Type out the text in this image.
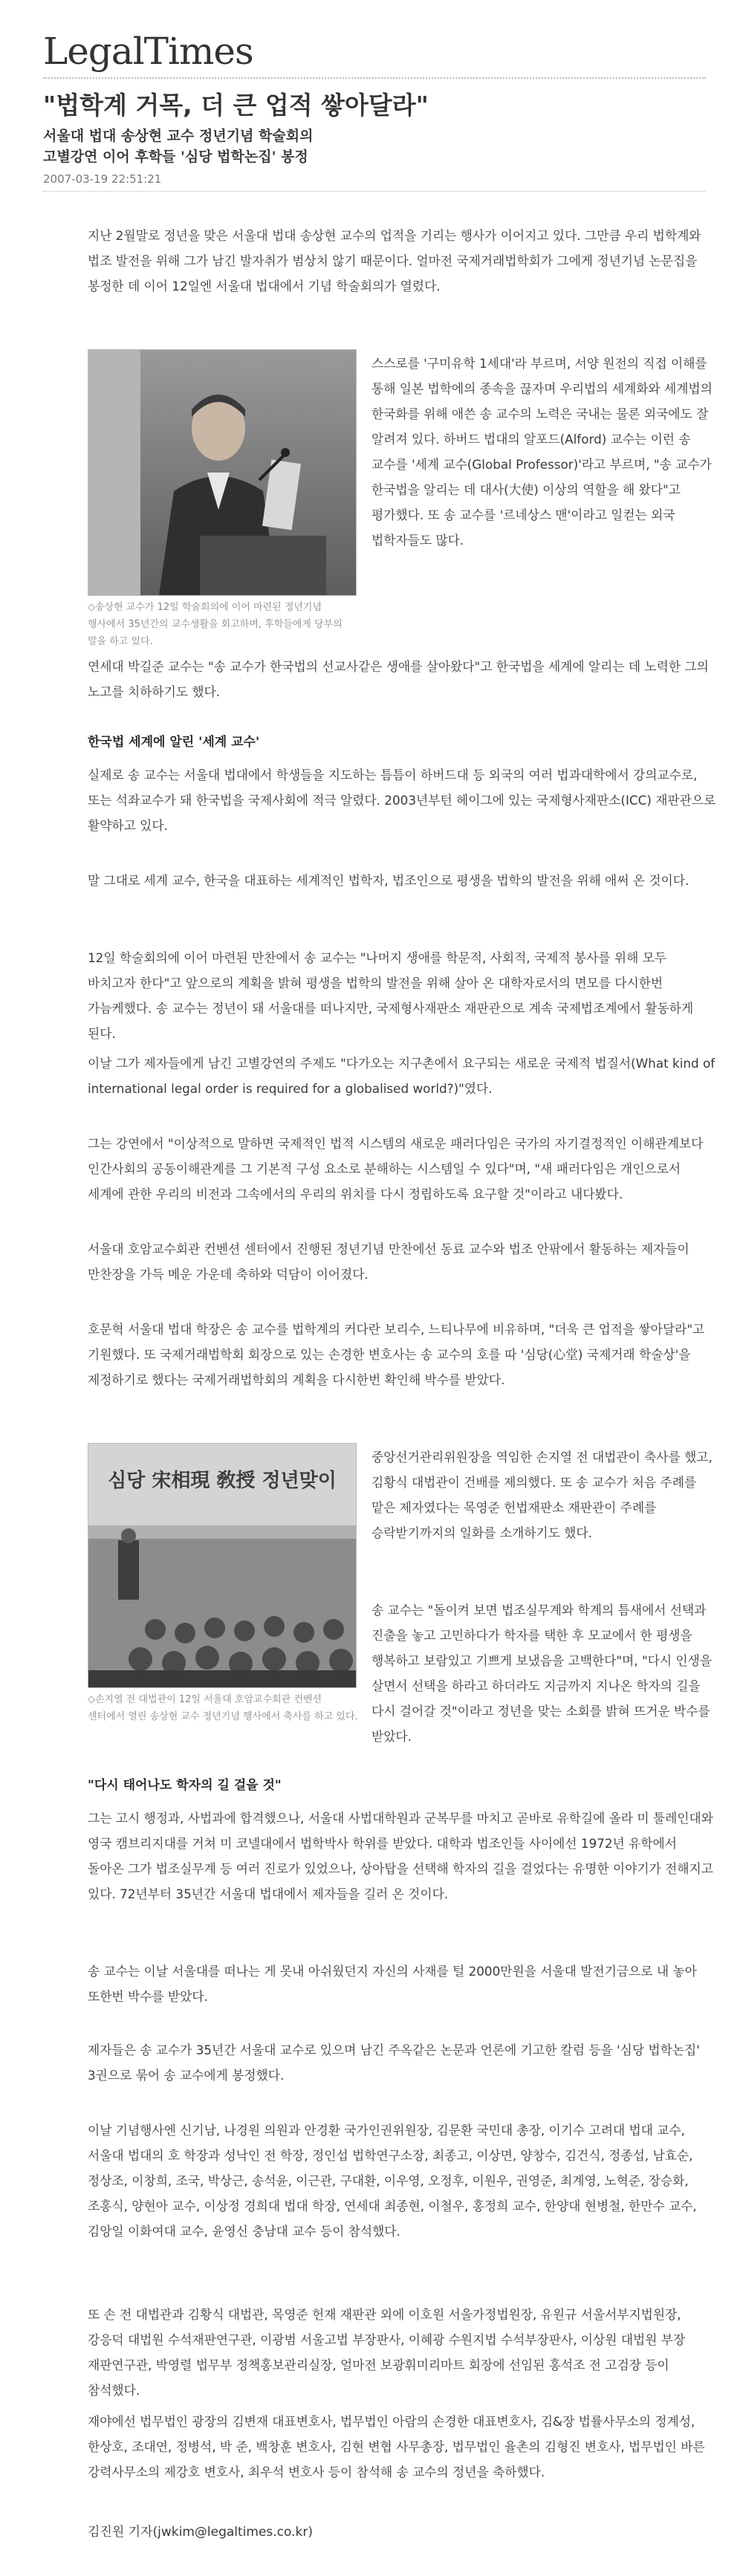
LegalTimes
"법학계 거목, 더 큰 업적 쌓아달라"
서울대 법대 송상현 교수 정년기념 학술회의
고별강연 이어 후학들 '심당 법학논집' 봉정
2007-03-19 22:51:21

지난 2월말로 정년을 맞은 서울대 법대 송상현 교수의 업적을 기리는 행사가 이어지고 있다. 그만큼 우리 법학계와 법조 발전을 위해 그가 남긴 발자취가 범상치 않기 때문이다. 얼마전 국제거래법학회가 그에게 정년기념 논문집을 봉정한 데 이어 12일엔 서울대 법대에서 기념 학술회의가 열렸다.

◇송상현 교수가 12일 학술회의에 이어 마련된 정년기념 행사에서 35년간의 교수생활을 회고하며, 후학들에게 당부의 말을 하고 있다.

스스로를 '구미유학 1세대'라 부르며, 서양 원전의 직접 이해를 통해 일본 법학에의 종속을 끊자며 우리법의 세계화와 세계법의 한국화를 위해 애쓴 송 교수의 노력은 국내는 물론 외국에도 잘 알려져 있다. 하버드 법대의 알포드(Alford) 교수는 이런 송 교수를 '세계 교수(Global Professor)'라고 부르며, "송 교수가 한국법을 알리는 데 대사(大使) 이상의 역할을 해 왔다"고 평가했다. 또 송 교수를 '르네상스 맨'이라고 일컫는 외국 법학자들도 많다.

연세대 박길준 교수는 "송 교수가 한국법의 선교사같은 생애를 살아왔다"고 한국법을 세계에 알리는 데 노력한 그의 노고를 치하하기도 했다.

한국법 세계에 알린 '세계 교수'

실제로 송 교수는 서울대 법대에서 학생들을 지도하는 틈틈이 하버드대 등 외국의 여러 법과대학에서 강의교수로, 또는 석좌교수가 돼 한국법을 국제사회에 적극 알렸다. 2003년부턴 헤이그에 있는 국제형사재판소(ICC) 재판관으로 활약하고 있다.

말 그대로 세계 교수, 한국을 대표하는 세계적인 법학자, 법조인으로 평생을 법학의 발전을 위해 애써 온 것이다.

12일 학술회의에 이어 마련된 만찬에서 송 교수는 "나머지 생애를 학문적, 사회적, 국제적 봉사를 위해 모두 바치고자 한다"고 앞으로의 계획을 밝혀 평생을 법학의 발전을 위해 살아 온 대학자로서의 면모를 다시한번 가늠케했다. 송 교수는 정년이 돼 서울대를 떠나지만, 국제형사재판소 재판관으로 계속 국제법조계에서 활동하게 된다.

이날 그가 제자들에게 남긴 고별강연의 주제도 "다가오는 지구촌에서 요구되는 새로운 국제적 법질서(What kind of international legal order is required for a globalised world?)"였다.

그는 강연에서 "이상적으로 말하면 국제적인 법적 시스템의 새로운 패러다임은 국가의 자기결정적인 이해관계보다 인간사회의 공동이해관계를 그 기본적 구성 요소로 분해하는 시스템일 수 있다"며, "새 패러다임은 개인으로서 세계에 관한 우리의 비전과 그속에서의 우리의 위치를 다시 정립하도록 요구할 것"이라고 내다봤다.

서울대 호암교수회관 컨벤션 센터에서 진행된 정년기념 만찬에선 동료 교수와 법조 안팎에서 활동하는 제자들이 만찬장을 가득 메운 가운데 축하와 덕담이 이어졌다.

호문혁 서울대 법대 학장은 송 교수를 법학계의 커다란 보리수, 느티나무에 비유하며, "더욱 큰 업적을 쌓아달라"고 기원했다. 또 국제거래법학회 회장으로 있는 손경한 변호사는 송 교수의 호를 따 '심당(心堂) 국제거래 학술상'을 제정하기로 했다는 국제거래법학회의 계획을 다시한번 확인해 박수를 받았다.

심당 宋相現 敎授 정년맞이
◇손지열 전 대법관이 12일 서울대 호암교수회관 컨벤션 센터에서 열린 송상현 교수 정년기념 행사에서 축사를 하고 있다.

중앙선거관리위원장을 역임한 손지열 전 대법관이 축사를 했고, 김황식 대법관이 건배를 제의했다. 또 송 교수가 처음 주례를 맡은 제자였다는 목영준 헌법재판소 재판관이 주례를 승락받기까지의 일화를 소개하기도 했다.

송 교수는 "돌이켜 보면 법조실무계와 학계의 틈새에서 선택과 진출을 놓고 고민하다가 학자를 택한 후 모교에서 한 평생을 행복하고 보람있고 기쁘게 보냈음을 고백한다"며, "다시 인생을 살면서 선택을 하라고 하더라도 지금까지 지나온 학자의 길을 다시 걸어갈 것"이라고 정년을 맞는 소회를 밝혀 뜨거운 박수를 받았다.

"다시 태어나도 학자의 길 걸을 것"

그는 고시 행정과, 사법과에 합격했으나, 서울대 사법대학원과 군복무를 마치고 곧바로 유학길에 올라 미 툴레인대와 영국 캠브리지대를 거쳐 미 코넬대에서 법학박사 학위를 받았다. 대학과 법조인들 사이에선 1972년 유학에서 돌아온 그가 법조실무계 등 여러 진로가 있었으나, 상아탑을 선택해 학자의 길을 걸었다는 유명한 이야기가 전해지고 있다. 72년부터 35년간 서울대 법대에서 제자들을 길러 온 것이다.

송 교수는 이날 서울대를 떠나는 게 못내 아쉬웠던지 자신의 사재를 털 2000만원을 서울대 발전기금으로 내 놓아 또한번 박수를 받았다.

제자들은 송 교수가 35년간 서울대 교수로 있으며 남긴 주옥같은 논문과 언론에 기고한 칼럼 등을 '심당 법학논집' 3권으로 묶어 송 교수에게 봉정했다.

이날 기념행사엔 신기남, 나경원 의원과 안경환 국가인권위원장, 김문환 국민대 총장, 이기수 고려대 법대 교수, 서울대 법대의 호 학장과 성낙인 전 학장, 정인섭 법학연구소장, 최종고, 이상면, 양창수, 김건식, 정종섭, 남효순, 정상조, 이창희, 조국, 박상근, 송석윤, 이근관, 구대환, 이우영, 오정후, 이원우, 권영준, 최계영, 노혁준, 장승화, 조홍식, 양현아 교수, 이상정 경희대 법대 학장, 연세대 최종현, 이철우, 홍정희 교수, 한양대 현병철, 한만수 교수, 김앙일 이화여대 교수, 윤영신 충남대 교수 등이 참석했다.

또 손 전 대법관과 김황식 대법관, 목영준 헌재 재판관 외에 이호원 서울가정법원장, 유원규 서울서부지법원장, 강응덕 대법원 수석재판연구관, 이광범 서울고법 부장판사, 이혜광 수원지법 수석부장판사, 이상원 대법원 부장 재판연구관, 박영렬 법무부 정책홍보관리실장, 얼마전 보광휘미리마트 회장에 선임된 홍석조 전 고검장 등이 참석했다.

재야에선 법무법인 광장의 김변재 대표변호사, 법무법인 아람의 손경한 대표변호사, 김&장 법률사무소의 정계성, 한상호, 조대연, 정병석, 박 준, 백창훈 변호사, 김현 변협 사무총장, 법무법인 율촌의 김형진 변호사, 법무법인 바른 강력사무소의 제강호 변호사, 최우석 변호사 등이 참석해 송 교수의 정년을 축하했다.

김진원 기자(jwkim@legaltimes.co.kr)
